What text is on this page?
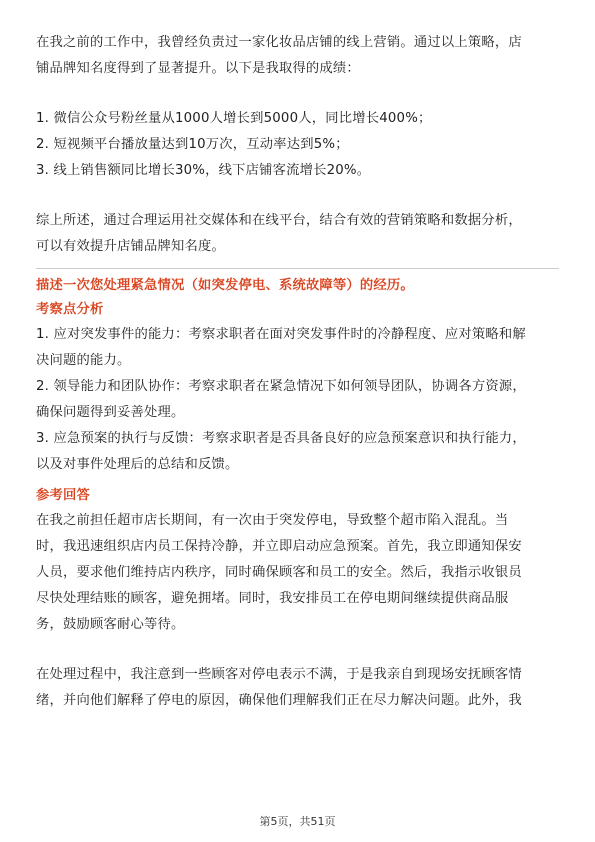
在我之前的工作中，我曾经负责过一家化妆品店铺的线上营销。通过以上策略，店

铺品牌知名度得到了显著提升。以下是我取得的成绩：

1. 微信公众号粉丝量从1000人增长到5000人，同比增长400%；

2. 短视频平台播放量达到10万次，互动率达到5%；

3. 线上销售额同比增长30%，线下店铺客流增长20%。

综上所述，通过合理运用社交媒体和在线平台，结合有效的营销策略和数据分析，

可以有效提升店铺品牌知名度。

描述一次您处理紧急情况（如突发停电、系统故障等）的经历。

考察点分析

1. 应对突发事件的能力：考察求职者在面对突发事件时的冷静程度、应对策略和解

决问题的能力。

2. 领导能力和团队协作：考察求职者在紧急情况下如何领导团队，协调各方资源，

确保问题得到妥善处理。

3. 应急预案的执行与反馈：考察求职者是否具备良好的应急预案意识和执行能力，

以及对事件处理后的总结和反馈。

参考回答

在我之前担任超市店长期间，有一次由于突发停电，导致整个超市陷入混乱。当

时，我迅速组织店内员工保持冷静，并立即启动应急预案。首先，我立即通知保安

人员，要求他们维持店内秩序，同时确保顾客和员工的安全。然后，我指示收银员

尽快处理结账的顾客，避免拥堵。同时，我安排员工在停电期间继续提供商品服

务，鼓励顾客耐心等待。

在处理过程中，我注意到一些顾客对停电表示不满，于是我亲自到现场安抚顾客情

绪，并向他们解释了停电的原因，确保他们理解我们正在尽力解决问题。此外，我

第5页，共51页
